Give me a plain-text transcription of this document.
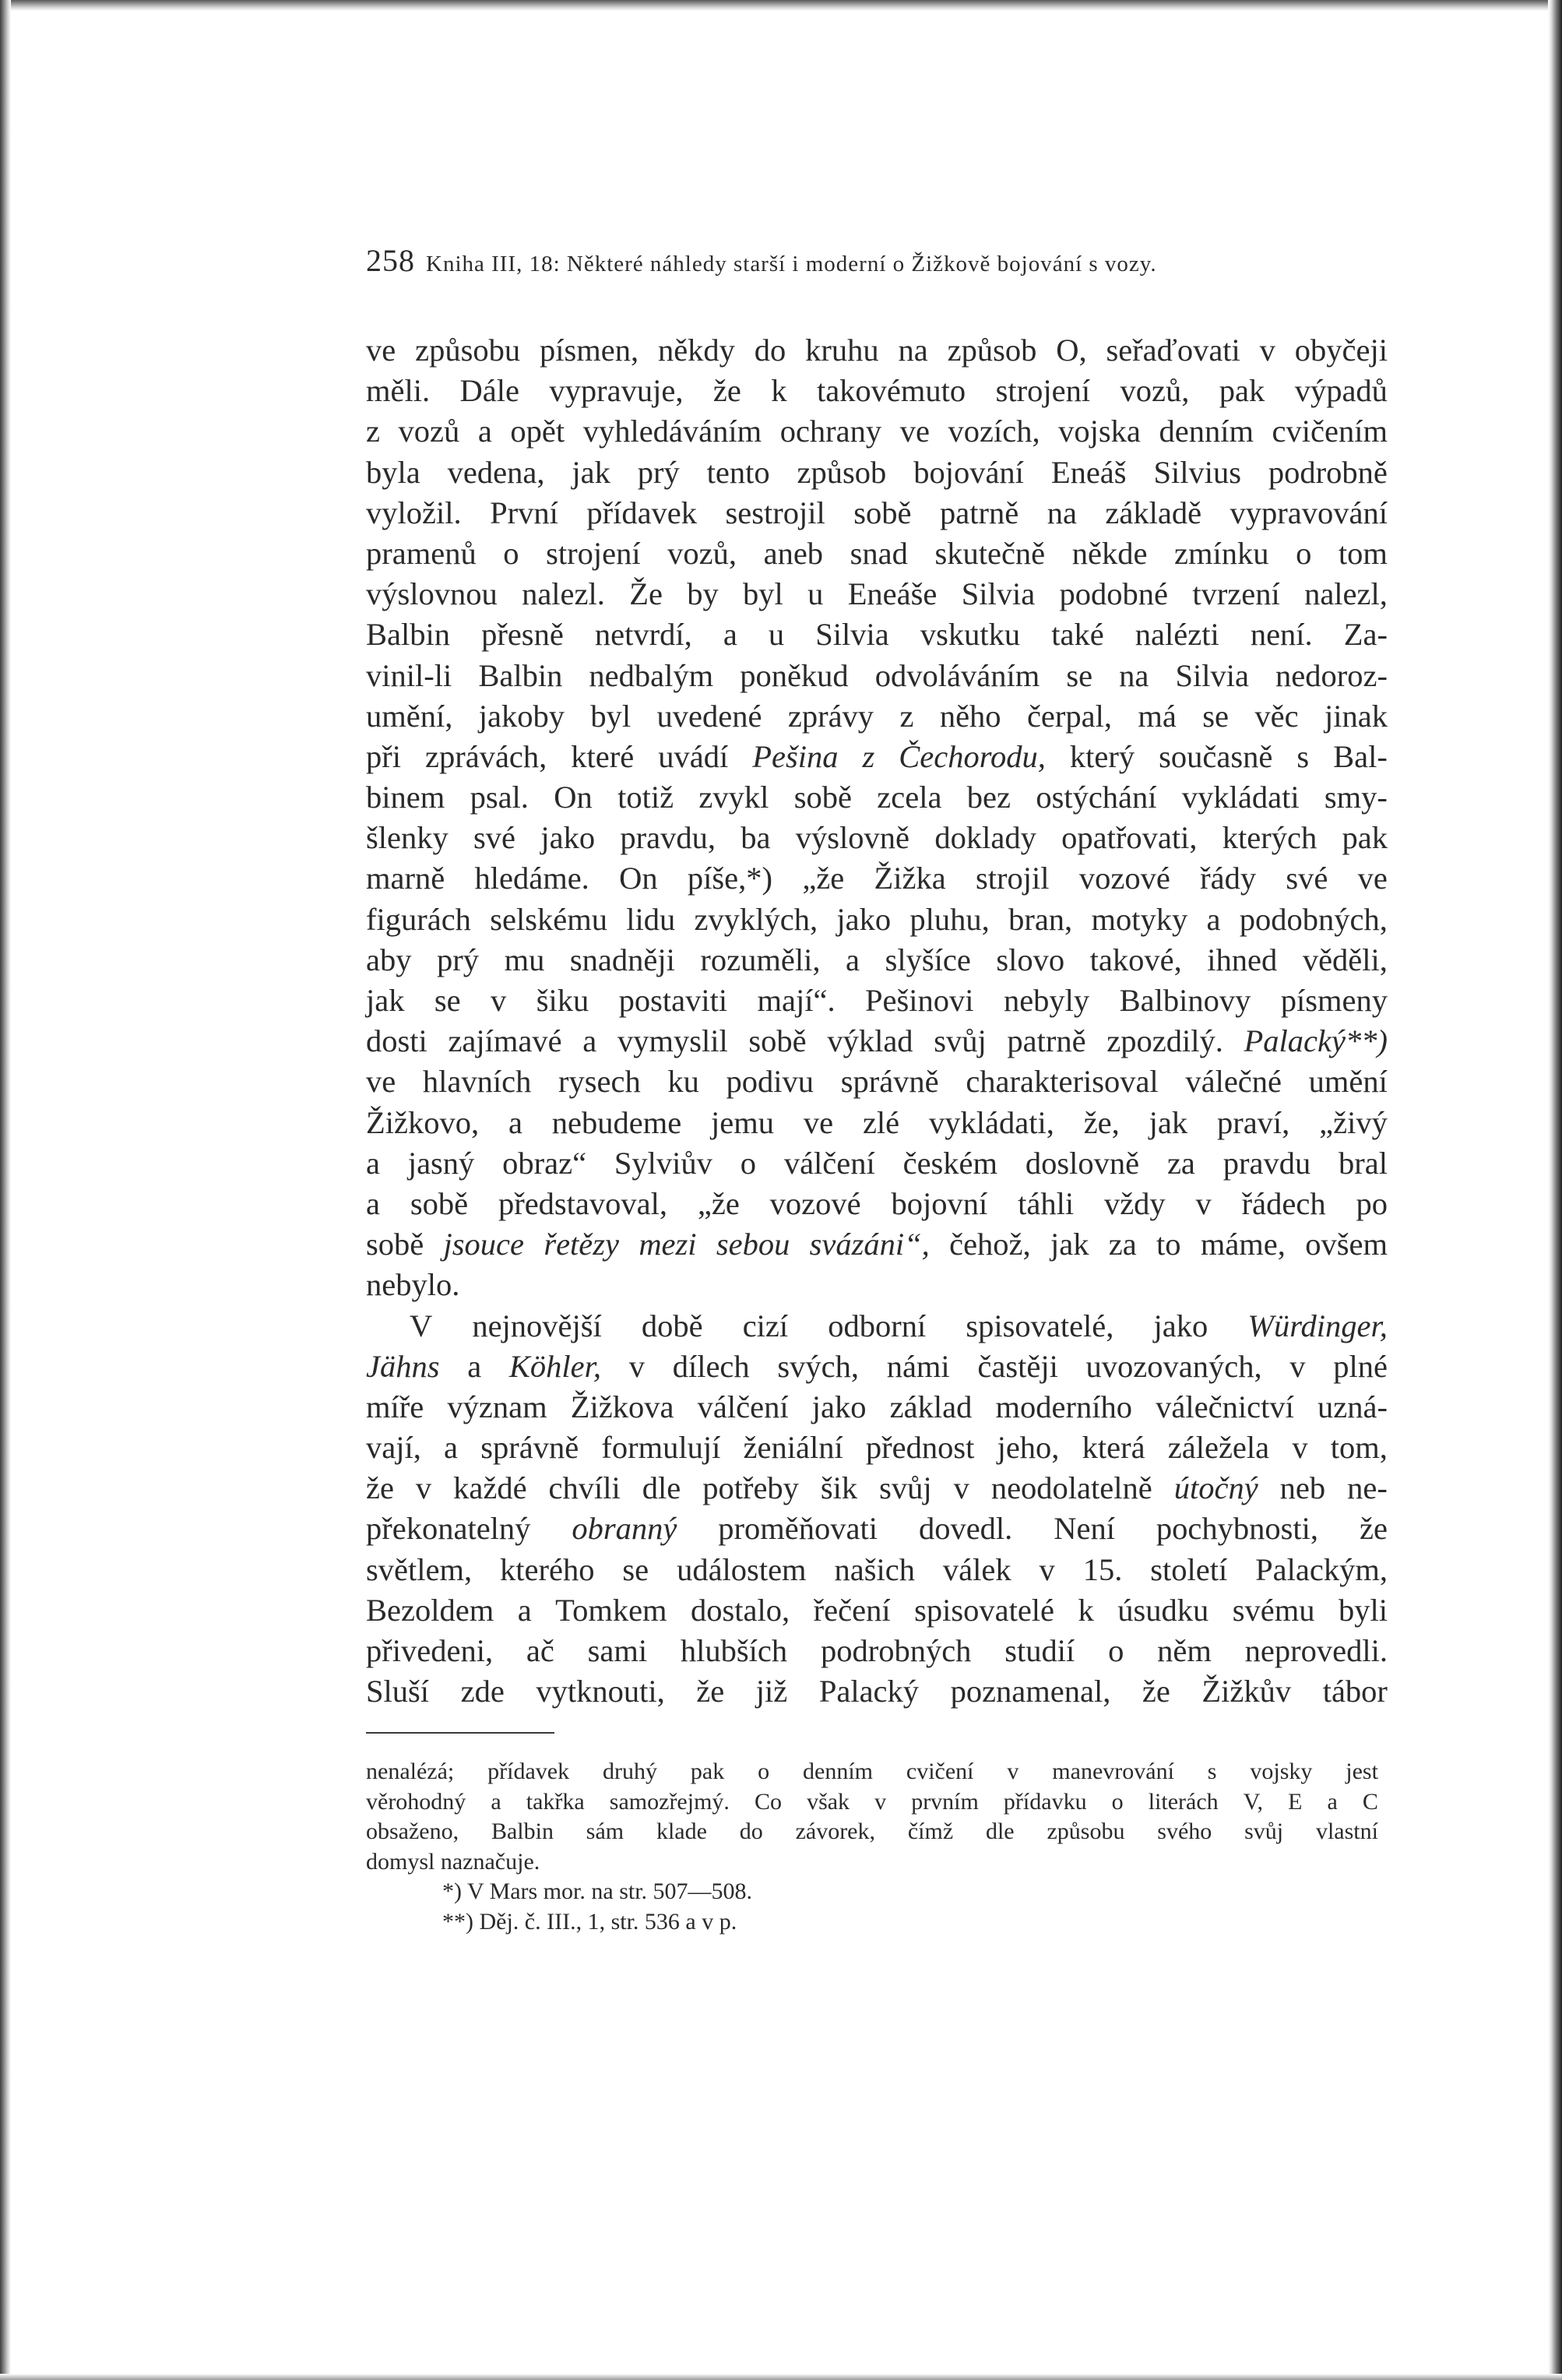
258 Kniha III, 18: Některé náhledy starší i moderní o Žižkově bojování s vozy.
ve způsobu písmen, někdy do kruhu na způsob O, seřaďovati v obyčeji
měli. Dále vypravuje, že k takovémuto strojení vozů, pak výpadů
z vozů a opět vyhledáváním ochrany ve vozích, vojska denním cvičením
byla vedena, jak prý tento způsob bojování Eneáš Silvius podrobně
vyložil. První přídavek sestrojil sobě patrně na základě vypravování
pramenů o strojení vozů, aneb snad skutečně někde zmínku o tom
výslovnou nalezl. Že by byl u Eneáše Silvia podobné tvrzení nalezl,
Balbin přesně netvrdí, a u Silvia vskutku také nalézti není. Za-
vinil-li Balbin nedbalým poněkud odvoláváním se na Silvia nedoroz-
umění, jakoby byl uvedené zprávy z něho čerpal, má se věc jinak
při zprávách, které uvádí Pešina z Čechorodu, který současně s Bal-
binem psal. On totiž zvykl sobě zcela bez ostýchání vykládati smy-
šlenky své jako pravdu, ba výslovně doklady opatřovati, kterých pak
marně hledáme. On píše,*) „že Žižka strojil vozové řády své ve
figurách selskému lidu zvyklých, jako pluhu, bran, motyky a podobných,
aby prý mu snadněji rozuměli, a slyšíce slovo takové, ihned věděli,
jak se v šiku postaviti mají“. Pešinovi nebyly Balbinovy písmeny
dosti zajímavé a vymyslil sobě výklad svůj patrně zpozdilý. Palacký**)
ve hlavních rysech ku podivu správně charakterisoval válečné umění
Žižkovo, a nebudeme jemu ve zlé vykládati, že, jak praví, „živý
a jasný obraz“ Sylviův o válčení českém doslovně za pravdu bral
a sobě představoval, „že vozové bojovní táhli vždy v řádech po
sobě jsouce řetězy mezi sebou svázáni“, čehož, jak za to máme, ovšem
nebylo.
V nejnovější době cizí odborní spisovatelé, jako Würdinger,
Jähns a Köhler, v dílech svých, námi častěji uvozovaných, v plné
míře význam Žižkova válčení jako základ moderního válečnictví uzná-
vají, a správně formulují ženiální přednost jeho, která záležela v tom,
že v každé chvíli dle potřeby šik svůj v neodolatelně útočný neb ne-
překonatelný obranný proměňovati dovedl. Není pochybnosti, že
světlem, kterého se událostem našich válek v 15. století Palackým,
Bezoldem a Tomkem dostalo, řečení spisovatelé k úsudku svému byli
přivedeni, ač sami hlubších podrobných studií o něm neprovedli.
Sluší zde vytknouti, že již Palacký poznamenal, že Žižkův tábor
nenalézá; přídavek druhý pak o denním cvičení v manevrování s vojsky jest
věrohodný a takřka samozřejmý. Co však v prvním přídavku o literách V, E a C
obsaženo, Balbin sám klade do závorek, čímž dle způsobu svého svůj vlastní
domysl naznačuje.
*) V Mars mor. na str. 507—508.
**) Děj. č. III., 1, str. 536 a v p.
